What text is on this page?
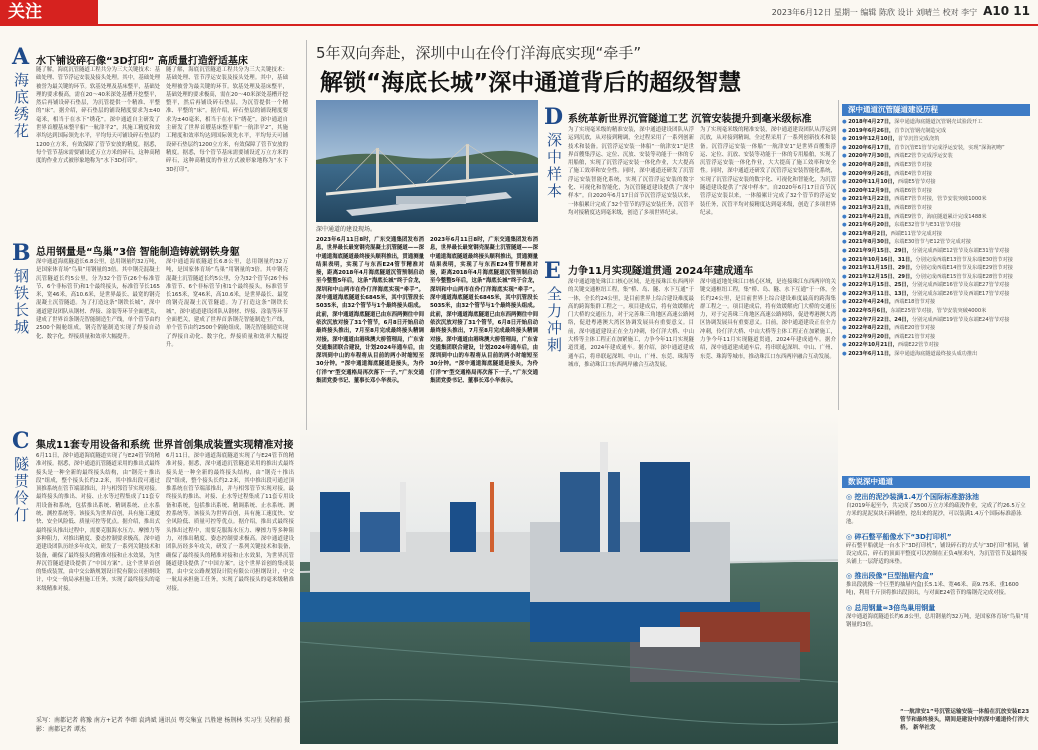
关注	2023年6月12日 星期一 编辑 陈欣 设计 刘晴兰 校对 李宁 A10 11
5年双向奔赴，深圳中山在伶仃洋海底实现“牵手”
解锁“海底长城”深中通道背后的超级智慧
A
海底绣花
水下铺设碎石像“3D打印” 高质量打造舒适基床
隧了解，海底沉管隧道工程共分为三大关键技术：基础处理、管节浮运安装及接头处理。其中，基础处理被誉为最关键的环节。软基处理及基床整平，基础处理的要求极高，需在20～40米深处基槽开挖整平，然后再铺设碎石垫层，为沉管提供一个精准、平整的“床”。据介绍，碎石垫层的铺设精度要求为±40毫米，相当于在水下“绣花”。深中通道自主研发了世界首艘基床整平船“一航津平2”，其施工精度和效率均达到国际领先水平，平均每天可铺设碎石垫层约1200立方米，有效保障了管节安放的精度。据悉，每个管节基床需要铺设近万立方米的碎石，这种高精度的作业方式被形象地称为“水下3D打印”。
隧了解，海底沉管隧道工程共分为三大关键技术：基础处理、管节浮运安装及接头处理。其中，基础处理被誉为最关键的环节。软基处理及基床整平，基础处理的要求极高，需在20～40米深处基槽开挖整平，然后再铺设碎石垫层，为沉管提供一个精准、平整的“床”。据介绍，碎石垫层的铺设精度要求为±40毫米，相当于在水下“绣花”。深中通道自主研发了世界首艘基床整平船“一航津平2”，其施工精度和效率均达到国际领先水平，平均每天可铺设碎石垫层约1200立方米，有效保障了管节安放的精度。据悉，每个管节基床需要铺设近万立方米的碎石，这种高精度的作业方式被形象地称为“水下3D打印”。
B
钢铁长城
总用钢量是“鸟巢”3倍 智能制造铸就钢铁身躯
深中通道海底隧道长6.8公里，总用钢量约32万吨，是国家体育场“鸟巢”用钢量的3倍。其中钢壳混凝土沉管隧道长约5公里，分为32个管节(26个标准管节、6个非标管节)和1个最终接头，标准管节长165米，宽46米，高10.6米，是世界最长、最宽的钢壳混凝土沉管隧道。为了打造这条“钢铁长城”，深中通道建设团队从钢材、焊接、涂装等环节全面把关，建成了世界首条钢壳智能制造生产线，单个管节由约2500个隔舱组成，钢壳智能制造实现了焊接自动化、数字化，焊接质量和效率大幅提升。
深中通道海底隧道长6.8公里，总用钢量约32万吨，是国家体育场“鸟巢”用钢量的3倍。其中钢壳混凝土沉管隧道长约5公里，分为32个管节(26个标准管节、6个非标管节)和1个最终接头，标准管节长165米，宽46米，高10.6米，是世界最长、最宽的钢壳混凝土沉管隧道。为了打造这条“钢铁长城”，深中通道建设团队从钢材、焊接、涂装等环节全面把关，建成了世界首条钢壳智能制造生产线，单个管节由约2500个隔舱组成，钢壳智能制造实现了焊接自动化、数字化，焊接质量和效率大幅提升。
深中通道的建设现场。
2023年6月11日8时，广东交通集团发布消息，世界最长最宽钢壳混凝土沉管隧道——深中通道海底隧道最终接头顺利推出，贯通测量结果表明，实现了与东西E24管节精准对接，距离2018年4月海底隧道沉管预制启动至今整整5年后，这条“海底长城”终于合龙，深圳和中山两市在伶仃洋海底实现“牵手”。深中通道海底隧道长6845米，其中沉管段长5035米，由32个管节与1个最终接头组成。此前，深中通道海底隧道已由东西两侧往中间依次沉放对接了31个管节，6月8日开始启动最终接头推出，7月至8月完成最终接头精调对接。深中通道由港珠澳大桥管理局，广东省交通集团联合建设，计划2024年通车后，由深圳到中山的车程将从目前的两小时缩短至30分钟。“深中通道海底隧道是接头，为伶仃洋‘Y’型交通格局再次落下一子。”广东交通集团党委书记、董事长邓小华表示。
2023年6月11日8时，广东交通集团发布消息，世界最长最宽钢壳混凝土沉管隧道——深中通道海底隧道最终接头顺利推出，贯通测量结果表明，实现了与东西E24管节精准对接，距离2018年4月海底隧道沉管预制启动至今整整5年后，这条“海底长城”终于合龙，深圳和中山两市在伶仃洋海底实现“牵手”。深中通道海底隧道长6845米，其中沉管段长5035米，由32个管节与1个最终接头组成。此前，深中通道海底隧道已由东西两侧往中间依次沉放对接了31个管节，6月8日开始启动最终接头推出，7月至8月完成最终接头精调对接。深中通道由港珠澳大桥管理局，广东省交通集团联合建设，计划2024年通车后，由深圳到中山的车程将从目前的两小时缩短至30分钟。“深中通道海底隧道是接头，为伶仃洋‘Y’型交通格局再次落下一子。”广东交通集团党委书记、董事长邓小华表示。
D
深中样本
系统革新世界沉管隧道工艺 沉管安装提升到毫米级标准
为了实现毫米级的精准安装，深中通道建设团队从浮运到沉放，从对接到精调，全过程采用了一系列创新技术和装备。沉管浮运安装一体船“一航津安1”是世界首艘集浮运、定位、沉放、安装等功能于一体的专用船舶，实现了沉管浮运安装一体化作业，大大提高了施工效率和安全性。同时，深中通道还研发了沉管浮运安装智能化系统，实现了沉管浮运安装的数字化、可视化和智能化，为沉管隧道建设提供了“深中样本”。自2020年6月17日首节沉管浮运安装以来，一体船累计完成了32个管节的浮运安装任务，沉管平均对接精度达到毫米级，创造了多项世界纪录。
为了实现毫米级的精准安装，深中通道建设团队从浮运到沉放，从对接到精调，全过程采用了一系列创新技术和装备。沉管浮运安装一体船“一航津安1”是世界首艘集浮运、定位、沉放、安装等功能于一体的专用船舶，实现了沉管浮运安装一体化作业，大大提高了施工效率和安全性。同时，深中通道还研发了沉管浮运安装智能化系统，实现了沉管浮运安装的数字化、可视化和智能化，为沉管隧道建设提供了“深中样本”。自2020年6月17日首节沉管浮运安装以来，一体船累计完成了32个管节的浮运安装任务，沉管平均对接精度达到毫米级，创造了多项世界纪录。
E
全力冲刺
力争11月实现隧道贯通 2024年建成通车
深中通道地处珠江口核心区域，是连接珠江东西两岸的关键交通枢纽工程，集“桥、岛、隧、水下互通”于一体，全长约24公里，是目前世界上综合建设难度最高的跨海集群工程之一。项目建成后，将有效缓解虎门大桥的交通压力，对于完善珠三角地区高速公路网络，促进粤港澳大湾区协调发展具有重要意义。目前，深中通道建设正在全力冲刺，伶仃洋大桥、中山大桥等主体工程正在加紧施工，力争今年11月实现隧道贯通，2024年建成通车。据介绍，深中通道建成通车后，将串联起深圳、中山、广州、东莞、珠海等城市，推动珠江口东西两岸融合互动发展。
深中通道地处珠江口核心区域，是连接珠江东西两岸的关键交通枢纽工程，集“桥、岛、隧、水下互通”于一体，全长约24公里，是目前世界上综合建设难度最高的跨海集群工程之一。项目建成后，将有效缓解虎门大桥的交通压力，对于完善珠三角地区高速公路网络，促进粤港澳大湾区协调发展具有重要意义。目前，深中通道建设正在全力冲刺，伶仃洋大桥、中山大桥等主体工程正在加紧施工，力争今年11月实现隧道贯通，2024年建成通车。据介绍，深中通道建成通车后，将串联起深圳、中山、广州、东莞、珠海等城市，推动珠江口东西两岸融合互动发展。
深中通道沉管隧道建设历程
● 2018年4月27日，深中通道海底隧道沉管钢壳试验段开工
● 2019年6月26日，首节沉管钢壳制造完成
● 2019年12月10日，首节沉管完成浇筑
● 2020年6月17日，首节沉管E1管节完成浮运安装，实现“深海初吻”
● 2020年7月30日，西端E2管节完成浮运安装
● 2020年8月28日，西端E3管节对接
● 2020年9月26日，西端E4管节对接
● 2020年11月10日，西端E5管节对接
● 2020年12月9日，西端E6管节对接
● 2021年1月22日，西端E7管节对接，管节安装突破1000米
● 2021年3月21日，西端E8管节对接
● 2021年4月21日，西端E9管节，海底隧道累计完成1488米
● 2021年6月20日，东端E32管节与E31管节对接
● 2021年8月2日，西端E11管节完成对接
● 2021年8月30日，东端E30管节与E12管节完成对接
● 2021年9月15日、29日，分别完成西端E12管节及东端E31管节对接
● 2021年10月16日、31日，分别完成西端E13管节及东端E30管节对接
● 2021年11月15日、29日，分别完成西端E14管节及东端E29管节对接
● 2021年12月15日、29日，分别完成西端E15管节及东端E28管节对接
● 2022年1月15日、25日，分别完成西端E16管节及东端E27管节对接
● 2022年3月11日、13日，分别完成东端E26管节及西端E17管节对接
● 2022年4月24日，西端E18管节对接
● 2022年5月6日，东端E25管节对接，管节安装突破4000米
● 2022年7月22日、24日，分别完成西端E19管节及东端E24管节对接
● 2022年8月22日，西端E20管节对接
● 2022年9月20日，西端E21管节对接
● 2022年10月21日，西端E22管节对接
● 2023年6月11日，深中通道海底隧道最终接头成功推出
C
隧贯伶仃
集成11套专用设备和系统 世界首创集成装置实现精准对接
6月11日，深中通道海底隧道实现了与E24管节的精准对接。据悉，深中通道沉管隧道采用的推出式最终接头是一种全新的最终接头结构，由“钢壳＋推出段”组成，整个接头长约2.2米，其中推出段可通过顶推系统在管节端部推出，并与相邻管节实现对接。最终接头的推出、对接、止水等过程集成了11套专用设备和系统，包括推出系统、精调系统、止水系统、测控系统等。该接头为世界首创，具有施工速度快、安全风险低、质量可控等优点。据介绍，推出式最终接头推出过程中，需要克服海水压力、摩擦力等多种阻力，对推出精度、姿态控制要求极高。深中通道建设团队历经多年攻关，研发了一系列关键技术和装备，确保了最终接头的精准对接和止水效果，为世界沉管隧道建设提供了“中国方案”。这个世界首创的集成装置，由中交公路规划设计院有限公司担纲设计，中交一航局承担施工任务，实现了最终接头的毫米级精准对接。
6月11日，深中通道海底隧道实现了与E24管节的精准对接。据悉，深中通道沉管隧道采用的推出式最终接头是一种全新的最终接头结构，由“钢壳＋推出段”组成，整个接头长约2.2米，其中推出段可通过顶推系统在管节端部推出，并与相邻管节实现对接。最终接头的推出、对接、止水等过程集成了11套专用设备和系统，包括推出系统、精调系统、止水系统、测控系统等。该接头为世界首创，具有施工速度快、安全风险低、质量可控等优点。据介绍，推出式最终接头推出过程中，需要克服海水压力、摩擦力等多种阻力，对推出精度、姿态控制要求极高。深中通道建设团队历经多年攻关，研发了一系列关键技术和装备，确保了最终接头的精准对接和止水效果，为世界沉管隧道建设提供了“中国方案”。这个世界首创的集成装置，由中交公路规划设计院有限公司担纲设计，中交一航局承担施工任务，实现了最终接头的毫米级精准对接。
数说深中通道
◎ 挖出的泥沙装满1.4万个国际标准游泳池
自2019年起至今，共完成了3500万立方米的疏浚作业，完成了约26.5万立方米的泥泥炭块石料铺垫，挖出来的泥沙，可以装满1.4万个国际标准游泳池。
◎ 碎石整平船像水下“3D打印机”
碎石整平船就是一台水下“3D打印机”，铺设碎石的方式与“3D打印”相同，铺设完成后，碎石的顶面平整度可以控制在正负4厘米内，为沉管管节及最终接头铺上一层舒适的床垫。
◎ 推出段像“巨型抽屉内盒”
推出段就像一个巨型的抽屉内盒(长5.1米、宽46米、高9.75米、重1600吨)，利用千斤顶将推出段顶出，与对面E24管节的端钢壳完成对接。
◎ 总用钢量≈3倍鸟巢用钢量
深中通道海底隧道长约6.8公里，总用钢量约32万吨，是国家体育场“鸟巢”用钢量的3倍。
“一航津安1”号沉管运输安装一体船在沉放安装E23管节和最终接头，期间是建设中的深中通道伶仃洋大桥。 新华社发
采写：南都记者 蒋豫 南方+记者 李细 袁鸿斌 通讯员 粤交集宣 吕胜建 杨荆林 实习生 吴程前 摄影：南都记者 谭杰
